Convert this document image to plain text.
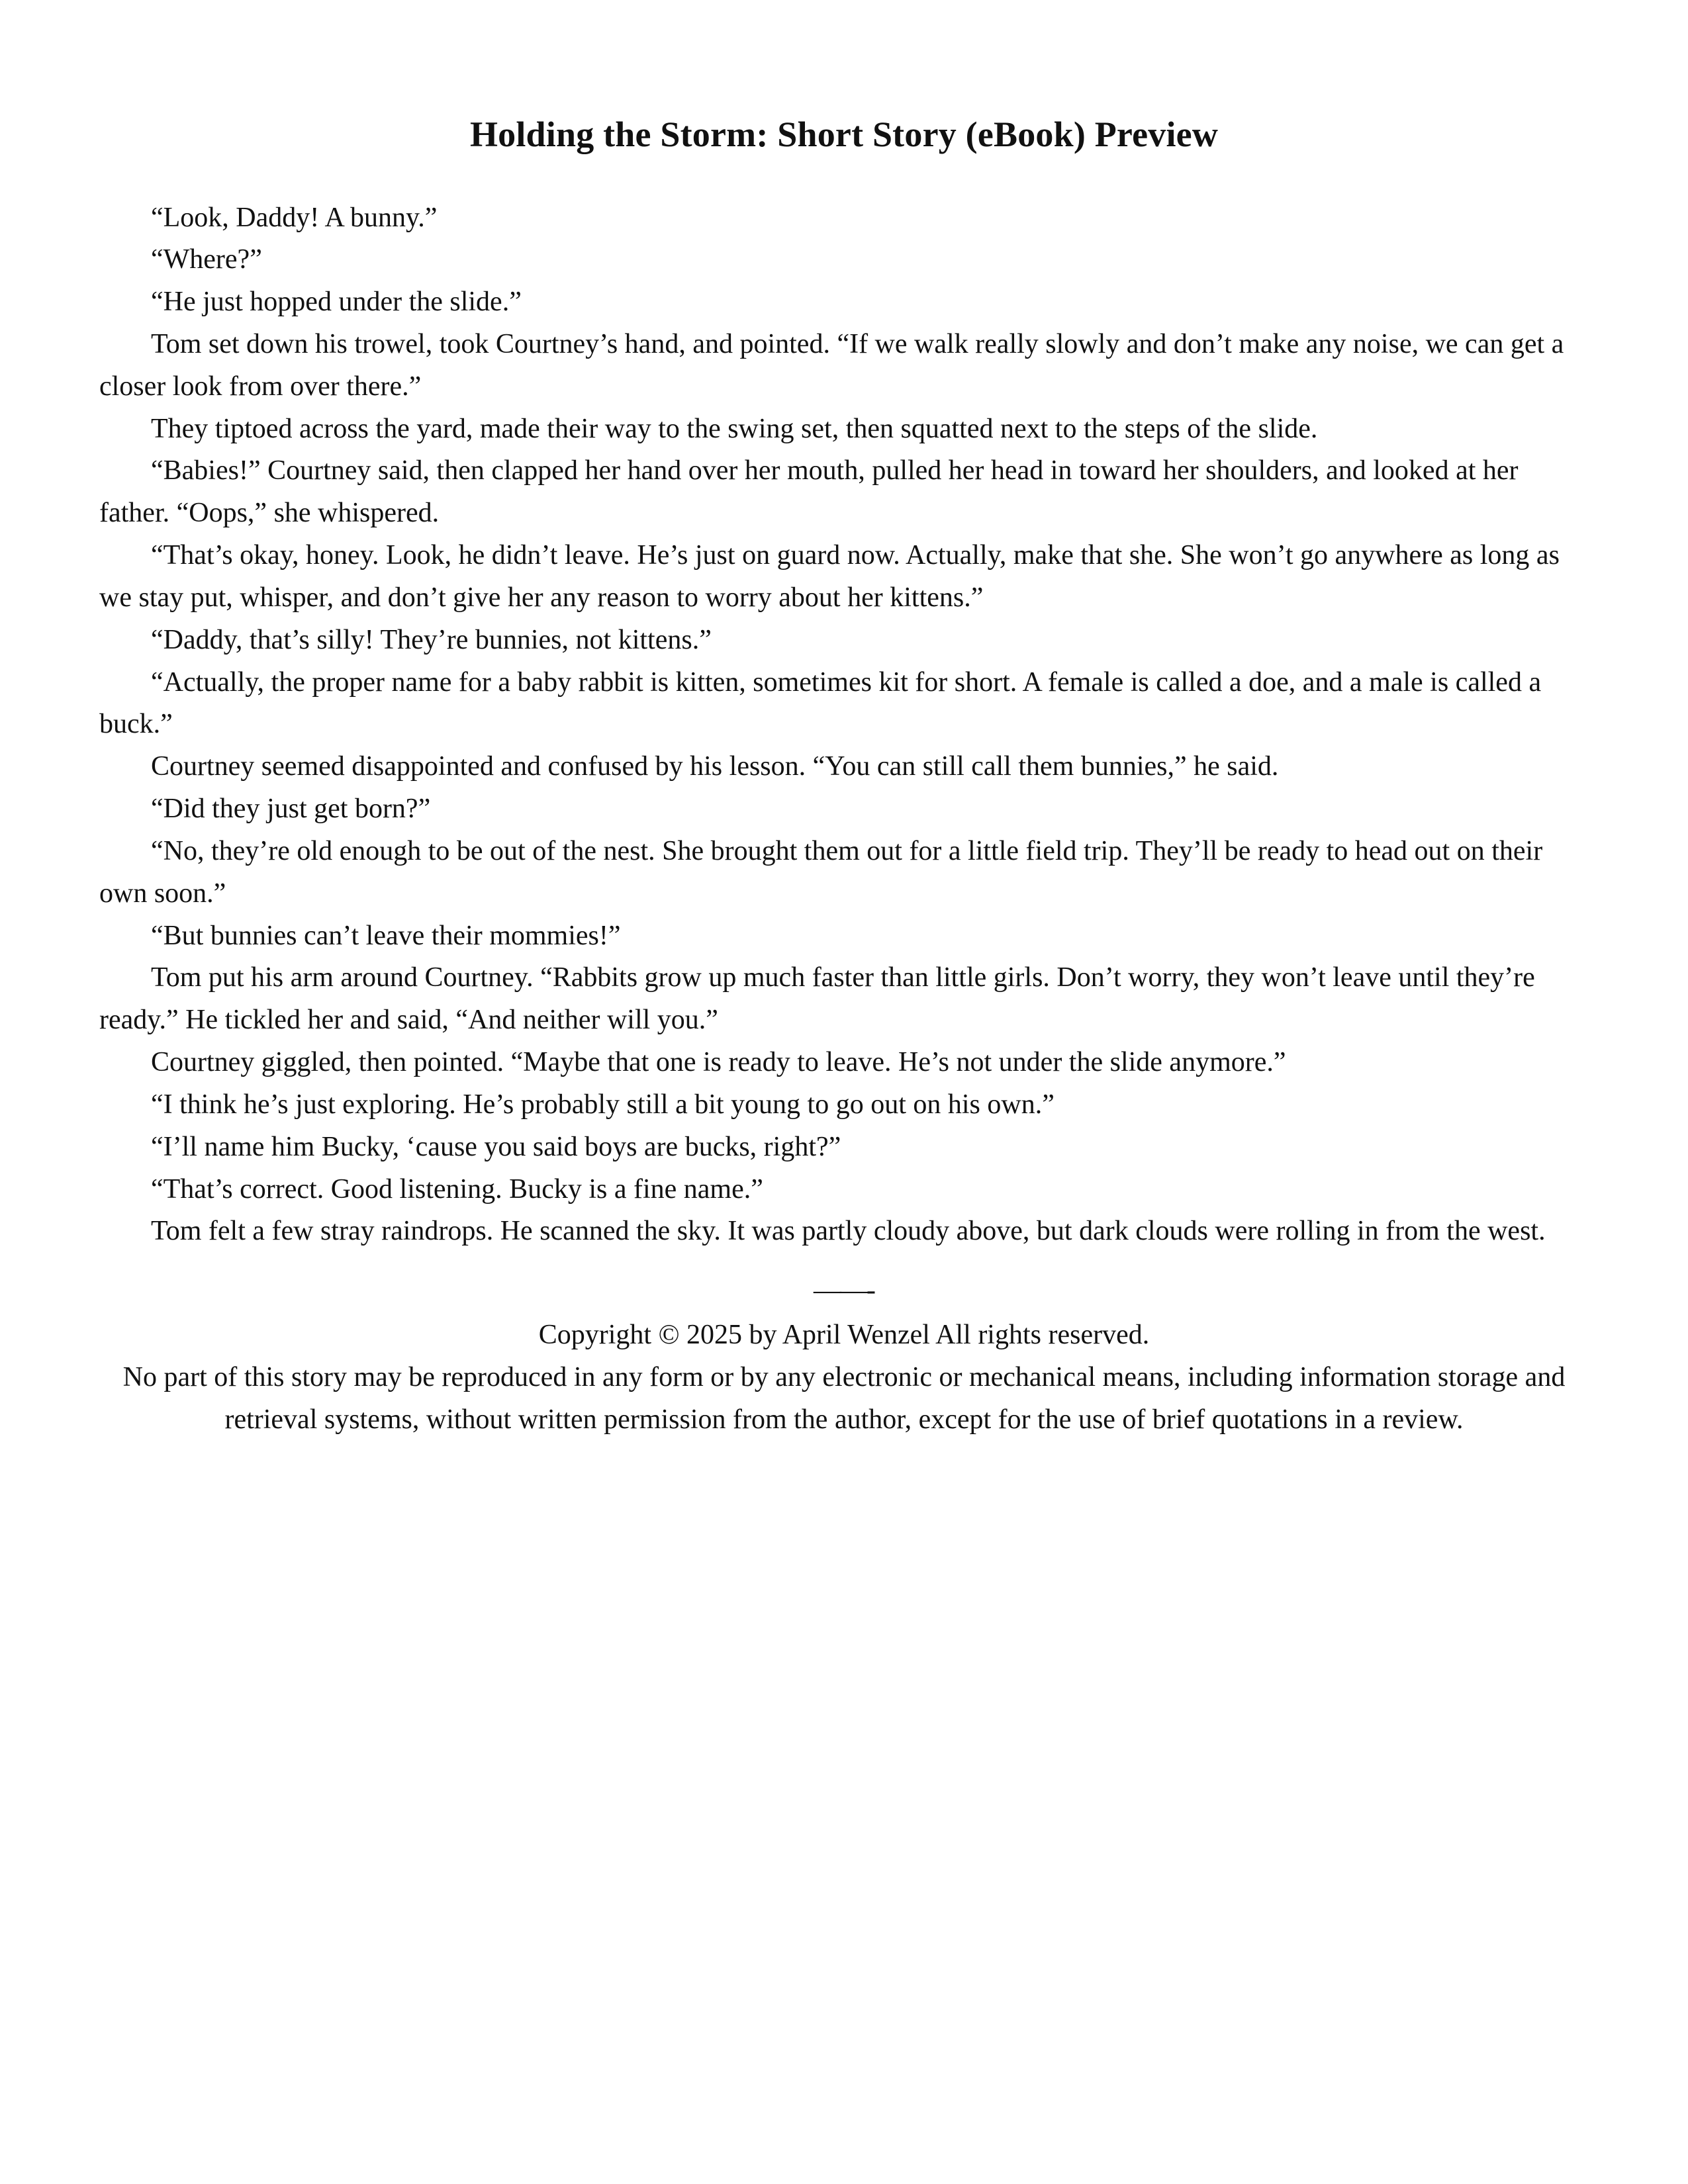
Holding the Storm: Short Story (eBook) Preview

“Look, Daddy! A bunny.”

“Where?”

“He just hopped under the slide.”

Tom set down his trowel, took Courtney’s hand, and pointed. “If we walk really slowly and don’t make any noise, we can get a closer look from over there.”

They tiptoed across the yard, made their way to the swing set, then squatted next to the steps of the slide.

“Babies!” Courtney said, then clapped her hand over her mouth, pulled her head in toward her shoulders, and looked at her father. “Oops,” she whispered.

“That’s okay, honey. Look, he didn’t leave. He’s just on guard now. Actually, make that she. She won’t go anywhere as long as we stay put, whisper, and don’t give her any reason to worry about her kittens.”

“Daddy, that’s silly! They’re bunnies, not kittens.”

“Actually, the proper name for a baby rabbit is kitten, sometimes kit for short. A female is called a doe, and a male is called a buck.”

Courtney seemed disappointed and confused by his lesson. “You can still call them bunnies,” he said.

“Did they just get born?”

“No, they’re old enough to be out of the nest. She brought them out for a little field trip. They’ll be ready to head out on their own soon.”

“But bunnies can’t leave their mommies!”

Tom put his arm around Courtney. “Rabbits grow up much faster than little girls. Don’t worry, they won’t leave until they’re ready.” He tickled her and said, “And neither will you.”

Courtney giggled, then pointed. “Maybe that one is ready to leave. He’s not under the slide anymore.”

“I think he’s just exploring. He’s probably still a bit young to go out on his own.”

“I’ll name him Bucky, ‘cause you said boys are bucks, right?”

“That’s correct. Good listening. Bucky is a fine name.”

Tom felt a few stray raindrops. He scanned the sky. It was partly cloudy above, but dark clouds were rolling in from the west.

——-

Copyright © 2025 by April Wenzel All rights reserved.

No part of this story may be reproduced in any form or by any electronic or mechanical means, including information storage and retrieval systems, without written permission from the author, except for the use of brief quotations in a review.
